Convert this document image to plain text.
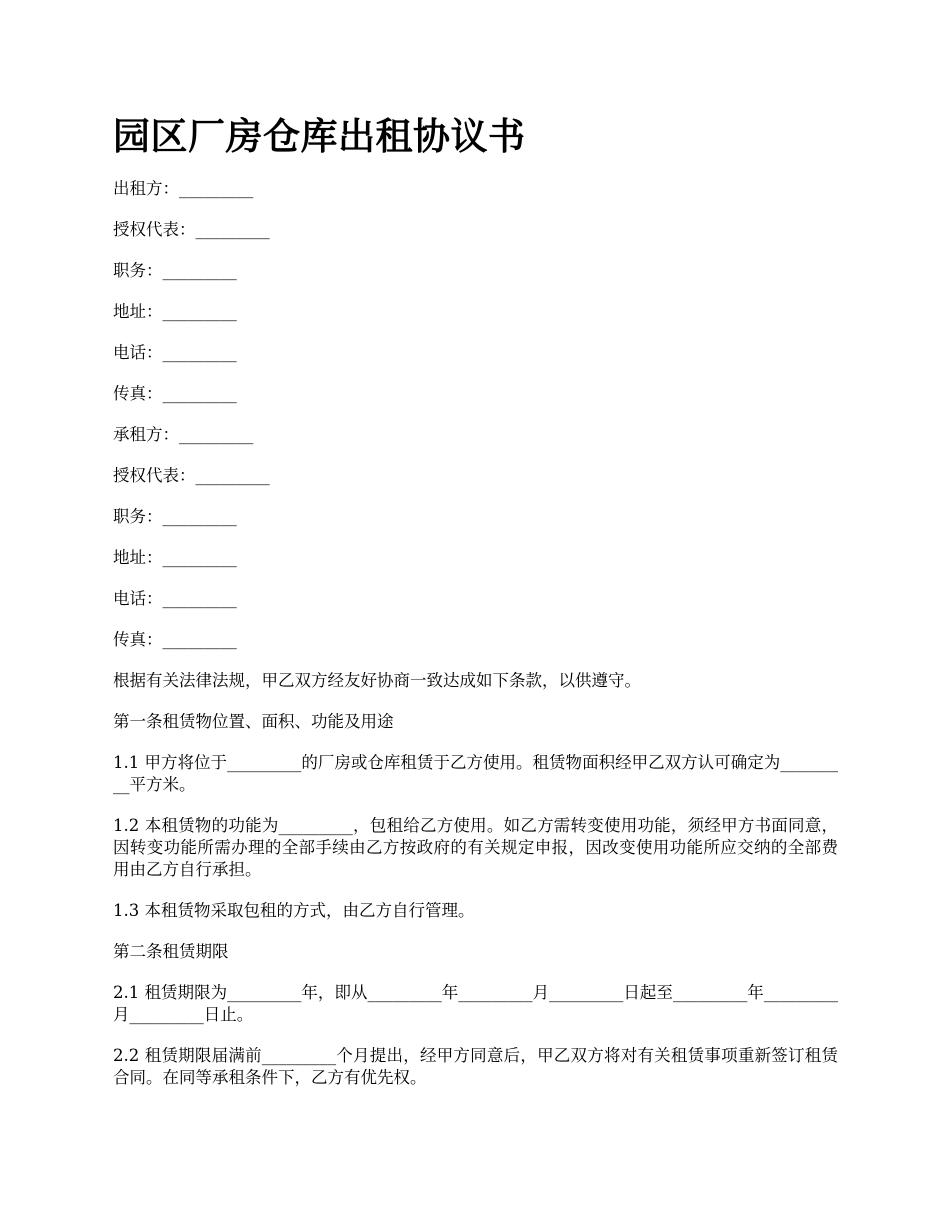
园区厂房仓库出租协议书

出租方：_________

授权代表：_________

职务：_________

地址：_________

电话：_________

传真：_________

承租方：_________

授权代表：_________

职务：_________

地址：_________

电话：_________

传真：_________

根据有关法律法规，甲乙双方经友好协商一致达成如下条款，以供遵守。

第一条租赁物位置、面积、功能及用途

1.1 甲方将位于_________的厂房或仓库租赁于乙方使用。租赁物面积经甲乙双方认可确定为_________平方米。

1.2 本租赁物的功能为_________，包租给乙方使用。如乙方需转变使用功能，须经甲方书面同意，因转变功能所需办理的全部手续由乙方按政府的有关规定申报，因改变使用功能所应交纳的全部费用由乙方自行承担。

1.3 本租赁物采取包租的方式，由乙方自行管理。

第二条租赁期限

2.1 租赁期限为_________年，即从_________年_________月_________日起至_________年_________月_________日止。

2.2 租赁期限届满前_________个月提出，经甲方同意后，甲乙双方将对有关租赁事项重新签订租赁合同。在同等承租条件下，乙方有优先权。
